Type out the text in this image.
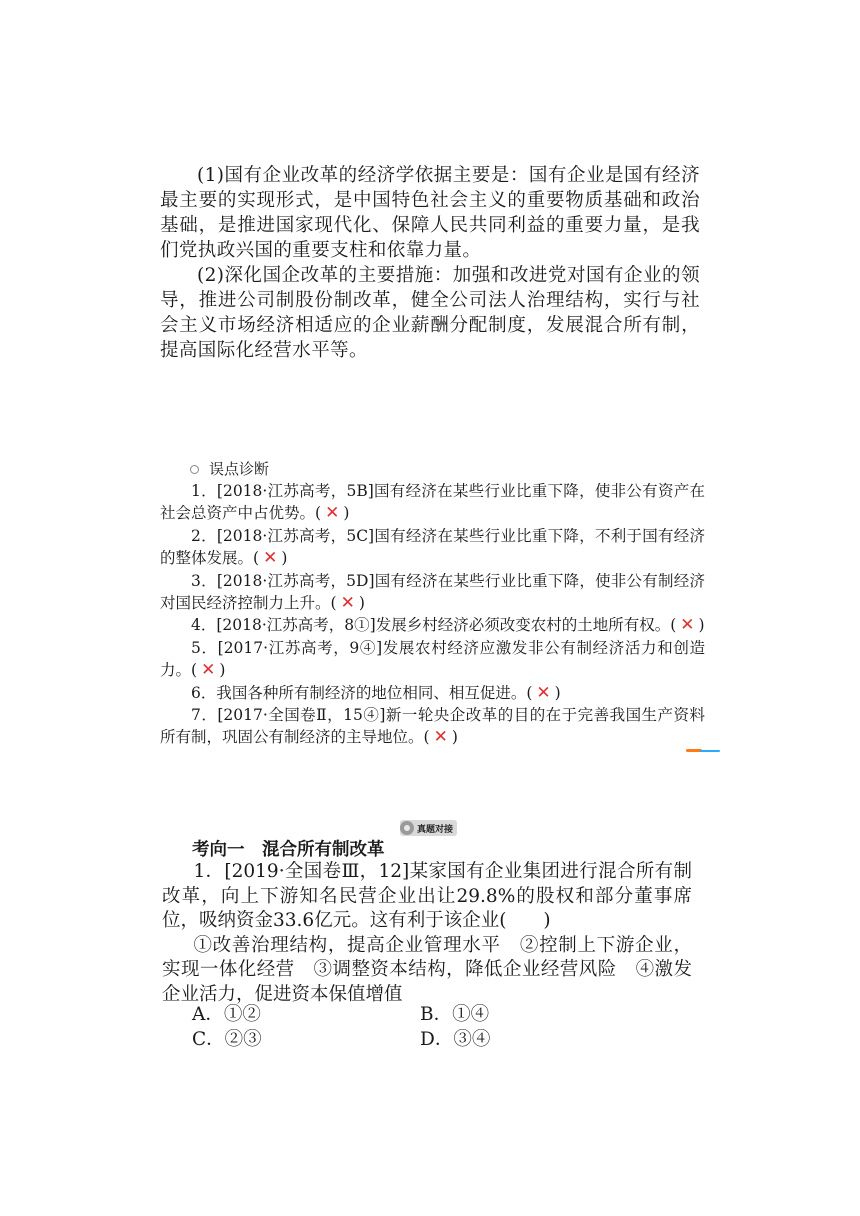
(1)国有企业改革的经济学依据主要是：国有企业是国有经济最主要的实现形式，是中国特色社会主义的重要物质基础和政治基础，是推进国家现代化、保障人民共同利益的重要力量，是我们党执政兴国的重要支柱和依靠力量。

(2)深化国企改革的主要措施：加强和改进党对国有企业的领导，推进公司制股份制改革，健全公司法人治理结构，实行与社会主义市场经济相适应的企业薪酬分配制度，发展混合所有制，提高国际化经营水平等。

误点诊断

1．[2018·江苏高考，5B]国有经济在某些行业比重下降，使非公有资产在社会总资产中占优势。( ✕ )

2．[2018·江苏高考，5C]国有经济在某些行业比重下降，不利于国有经济的整体发展。( ✕ )

3．[2018·江苏高考，5D]国有经济在某些行业比重下降，使非公有制经济对国民经济控制力上升。( ✕ )

4．[2018·江苏高考，8①]发展乡村经济必须改变农村的土地所有权。( ✕ )

5．[2017·江苏高考，9④]发展农村经济应激发非公有制经济活力和创造力。( ✕ )

6．我国各种所有制经济的地位相同、相互促进。( ✕ )

7．[2017·全国卷Ⅱ，15④]新一轮央企改革的目的在于完善我国生产资料所有制，巩固公有制经济的主导地位。( ✕ )

真题对接
考向一　混合所有制改革

1．[2019·全国卷Ⅲ，12]某家国有企业集团进行混合所有制改革，向上下游知名民营企业出让29.8%的股权和部分董事席位，吸纳资金33.6亿元。这有利于该企业(　　)

①改善治理结构，提高企业管理水平　②控制上下游企业，实现一体化经营　③调整资本结构，降低企业经营风险　④激发企业活力，促进资本保值增值

A．①②	B．①④
C．②③	D．③④
